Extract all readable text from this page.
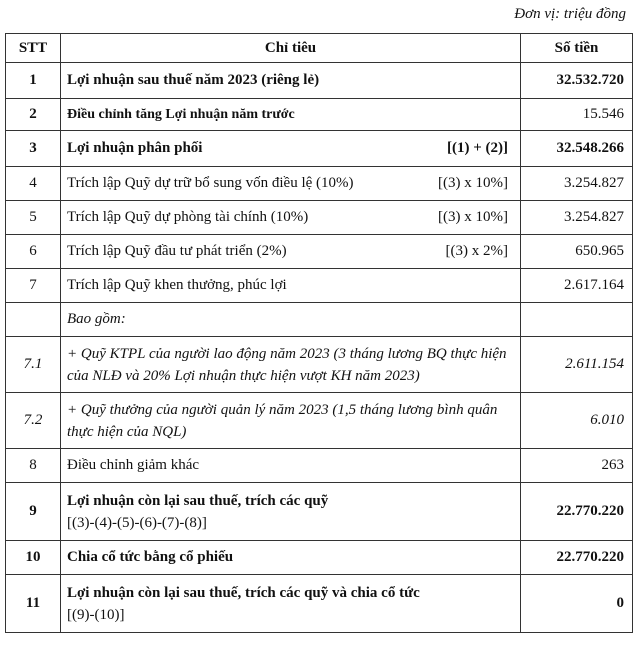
Đơn vị: triệu đồng
STT	Chỉ tiêu	Số tiền
1	Lợi nhuận sau thuế năm 2023 (riêng lẻ)	32.532.720
2	Điều chỉnh tăng Lợi nhuận năm trước	15.546
3	Lợi nhuận phân phối [(1) + (2)]	32.548.266
4	Trích lập Quỹ dự trữ bổ sung vốn điều lệ (10%) [(3) x 10%]	3.254.827
5	Trích lập Quỹ dự phòng tài chính (10%) [(3) x 10%]	3.254.827
6	Trích lập Quỹ đầu tư phát triển (2%) [(3) x 2%]	650.965
7	Trích lập Quỹ khen thưởng, phúc lợi	2.617.164
	Bao gồm:	
7.1	+ Quỹ KTPL của người lao động năm 2023 (3 tháng lương BQ thực hiện của NLĐ và 20% Lợi nhuận thực hiện vượt KH năm 2023)	2.611.154
7.2	+ Quỹ thưởng của người quản lý năm 2023 (1,5 tháng lương bình quân thực hiện của NQL)	6.010
8	Điều chỉnh giảm khác	263
9	Lợi nhuận còn lại sau thuế, trích các quỹ
[(3)-(4)-(5)-(6)-(7)-(8)]	22.770.220
10	Chia cổ tức bằng cổ phiếu	22.770.220
11	Lợi nhuận còn lại sau thuế, trích các quỹ và chia cổ tức
[(9)-(10)]	0
